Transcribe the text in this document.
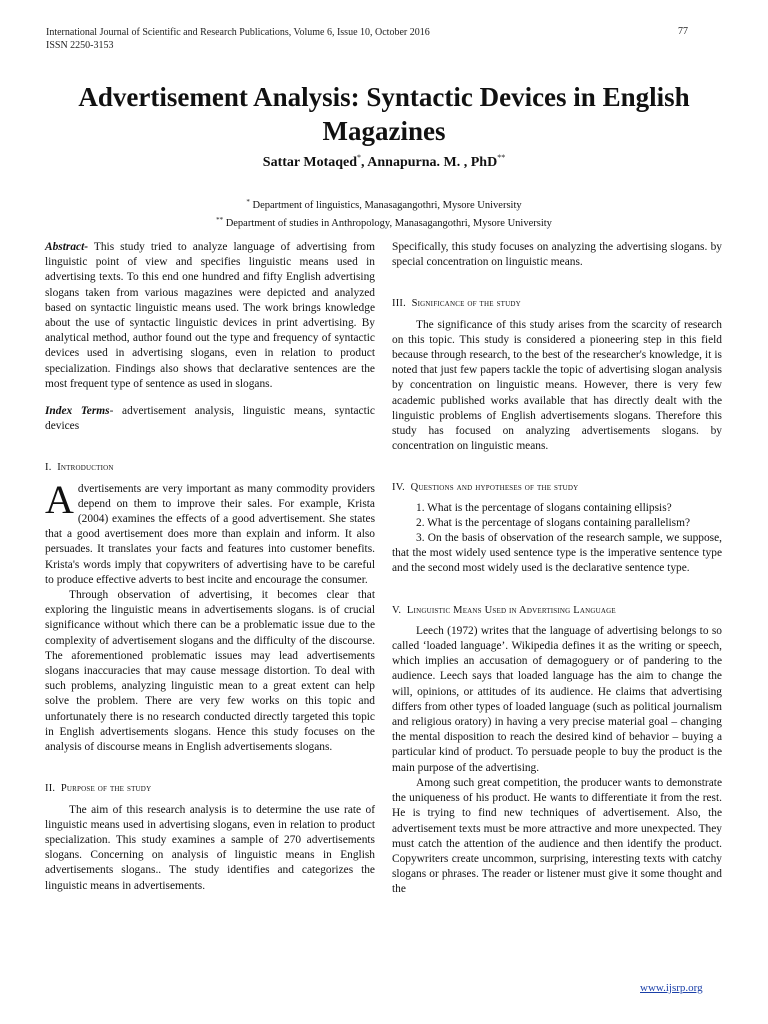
International Journal of Scientific and Research Publications, Volume 6, Issue 10, October 2016
ISSN 2250-3153
77
Advertisement Analysis: Syntactic Devices in English Magazines
Sattar Motaqed*, Annapurna. M. , PhD**
* Department of linguistics, Manasagangothri, Mysore University
** Department of studies in Anthropology, Manasagangothri, Mysore University

Abstract- This study tried to analyze language of advertising from linguistic point of view and specifies linguistic means used in advertising texts. To this end one hundred and fifty English advertising slogans taken from various magazines were depicted and analyzed based on syntactic linguistic means used. The work brings knowledge about the use of syntactic linguistic devices in print advertising. By analytical method, author found out the type and frequency of syntactic devices used in advertising slogans, even in relation to product specialization. Findings also shows that declarative sentences are the most frequent type of sentence as used in slogans.

Index Terms- advertisement analysis, linguistic means, syntactic devices

I. Introduction

Advertisements are very important as many commodity providers depend on them to improve their sales. For example, Krista (2004) examines the effects of a good advertisement. She states that a good avertisement does more than explain and inform. It also persuades. It translates your facts and features into customer benefits. Krista's words imply that copywriters of advertising have to be careful to produce effective adverts to best incite and encourage the consumer.

Through observation of advertising, it becomes clear that exploring the linguistic means in advertisements slogans. is of crucial significance without which there can be a problematic issue due to the complexity of advertisement slogans and the difficulty of the discourse. The aforementioned problematic issues may lead advertisements slogans inaccuracies that may cause message distortion. To deal with such problems, analyzing linguistic mean to a great extent can help solve the problem. There are very few works on this topic and unfortunately there is no research conducted directly targeted this topic in English advertisements slogans. Hence this study focuses on the analysis of discourse means in English advertisements slogans.

II. Purpose of the study

The aim of this research analysis is to determine the use rate of linguistic means used in advertising slogans, even in relation to product specialization. This study examines a sample of 270 advertisements slogans. Concerning on analysis of linguistic means in English advertisements slogans.. The study identifies and categorizes the linguistic means in advertisements.

Specifically, this study focuses on analyzing the advertising slogans. by special concentration on linguistic means.

III. Significance of the study

The significance of this study arises from the scarcity of research on this topic. This study is considered a pioneering step in this field because through research, to the best of the researcher's knowledge, it is noted that just few papers tackle the topic of advertising slogan analysis by concentration on linguistic means. However, there is very few academic published works available that has directly dealt with the linguistic problems of English advertisements slogans. Therefore this study has focused on analyzing advertisements slogans. by concentration on linguistic means.

IV. Questions and hypotheses of the study

1. What is the percentage of slogans containing ellipsis?

2. What is the percentage of slogans containing parallelism?

3. On the basis of observation of the research sample, we suppose, that the most widely used sentence type is the imperative sentence type and the second most widely used is the declarative sentence type.

V. Linguistic Means Used in Advertising Language

Leech (1972) writes that the language of advertising belongs to so called ‘loaded language’. Wikipedia defines it as the writing or speech, which implies an accusation of demagoguery or of pandering to the audience. Leech says that loaded language has the aim to change the will, opinions, or attitudes of its audience. He claims that advertising differs from other types of loaded language (such as political journalism and religious oratory) in having a very precise material goal – changing the mental disposition to reach the desired kind of behavior – buying a particular kind of product. To persuade people to buy the product is the main purpose of the advertising.

Among such great competition, the producer wants to demonstrate the uniqueness of his product. He wants to differentiate it from the rest. He is trying to find new techniques of advertisement. Also, the advertisement texts must be more attractive and more unexpected. They must catch the attention of the audience and then identify the product. Copywriters create uncommon, surprising, interesting texts with catchy slogans or phrases. The reader or listener must give it some thought and the

www.ijsrp.org
